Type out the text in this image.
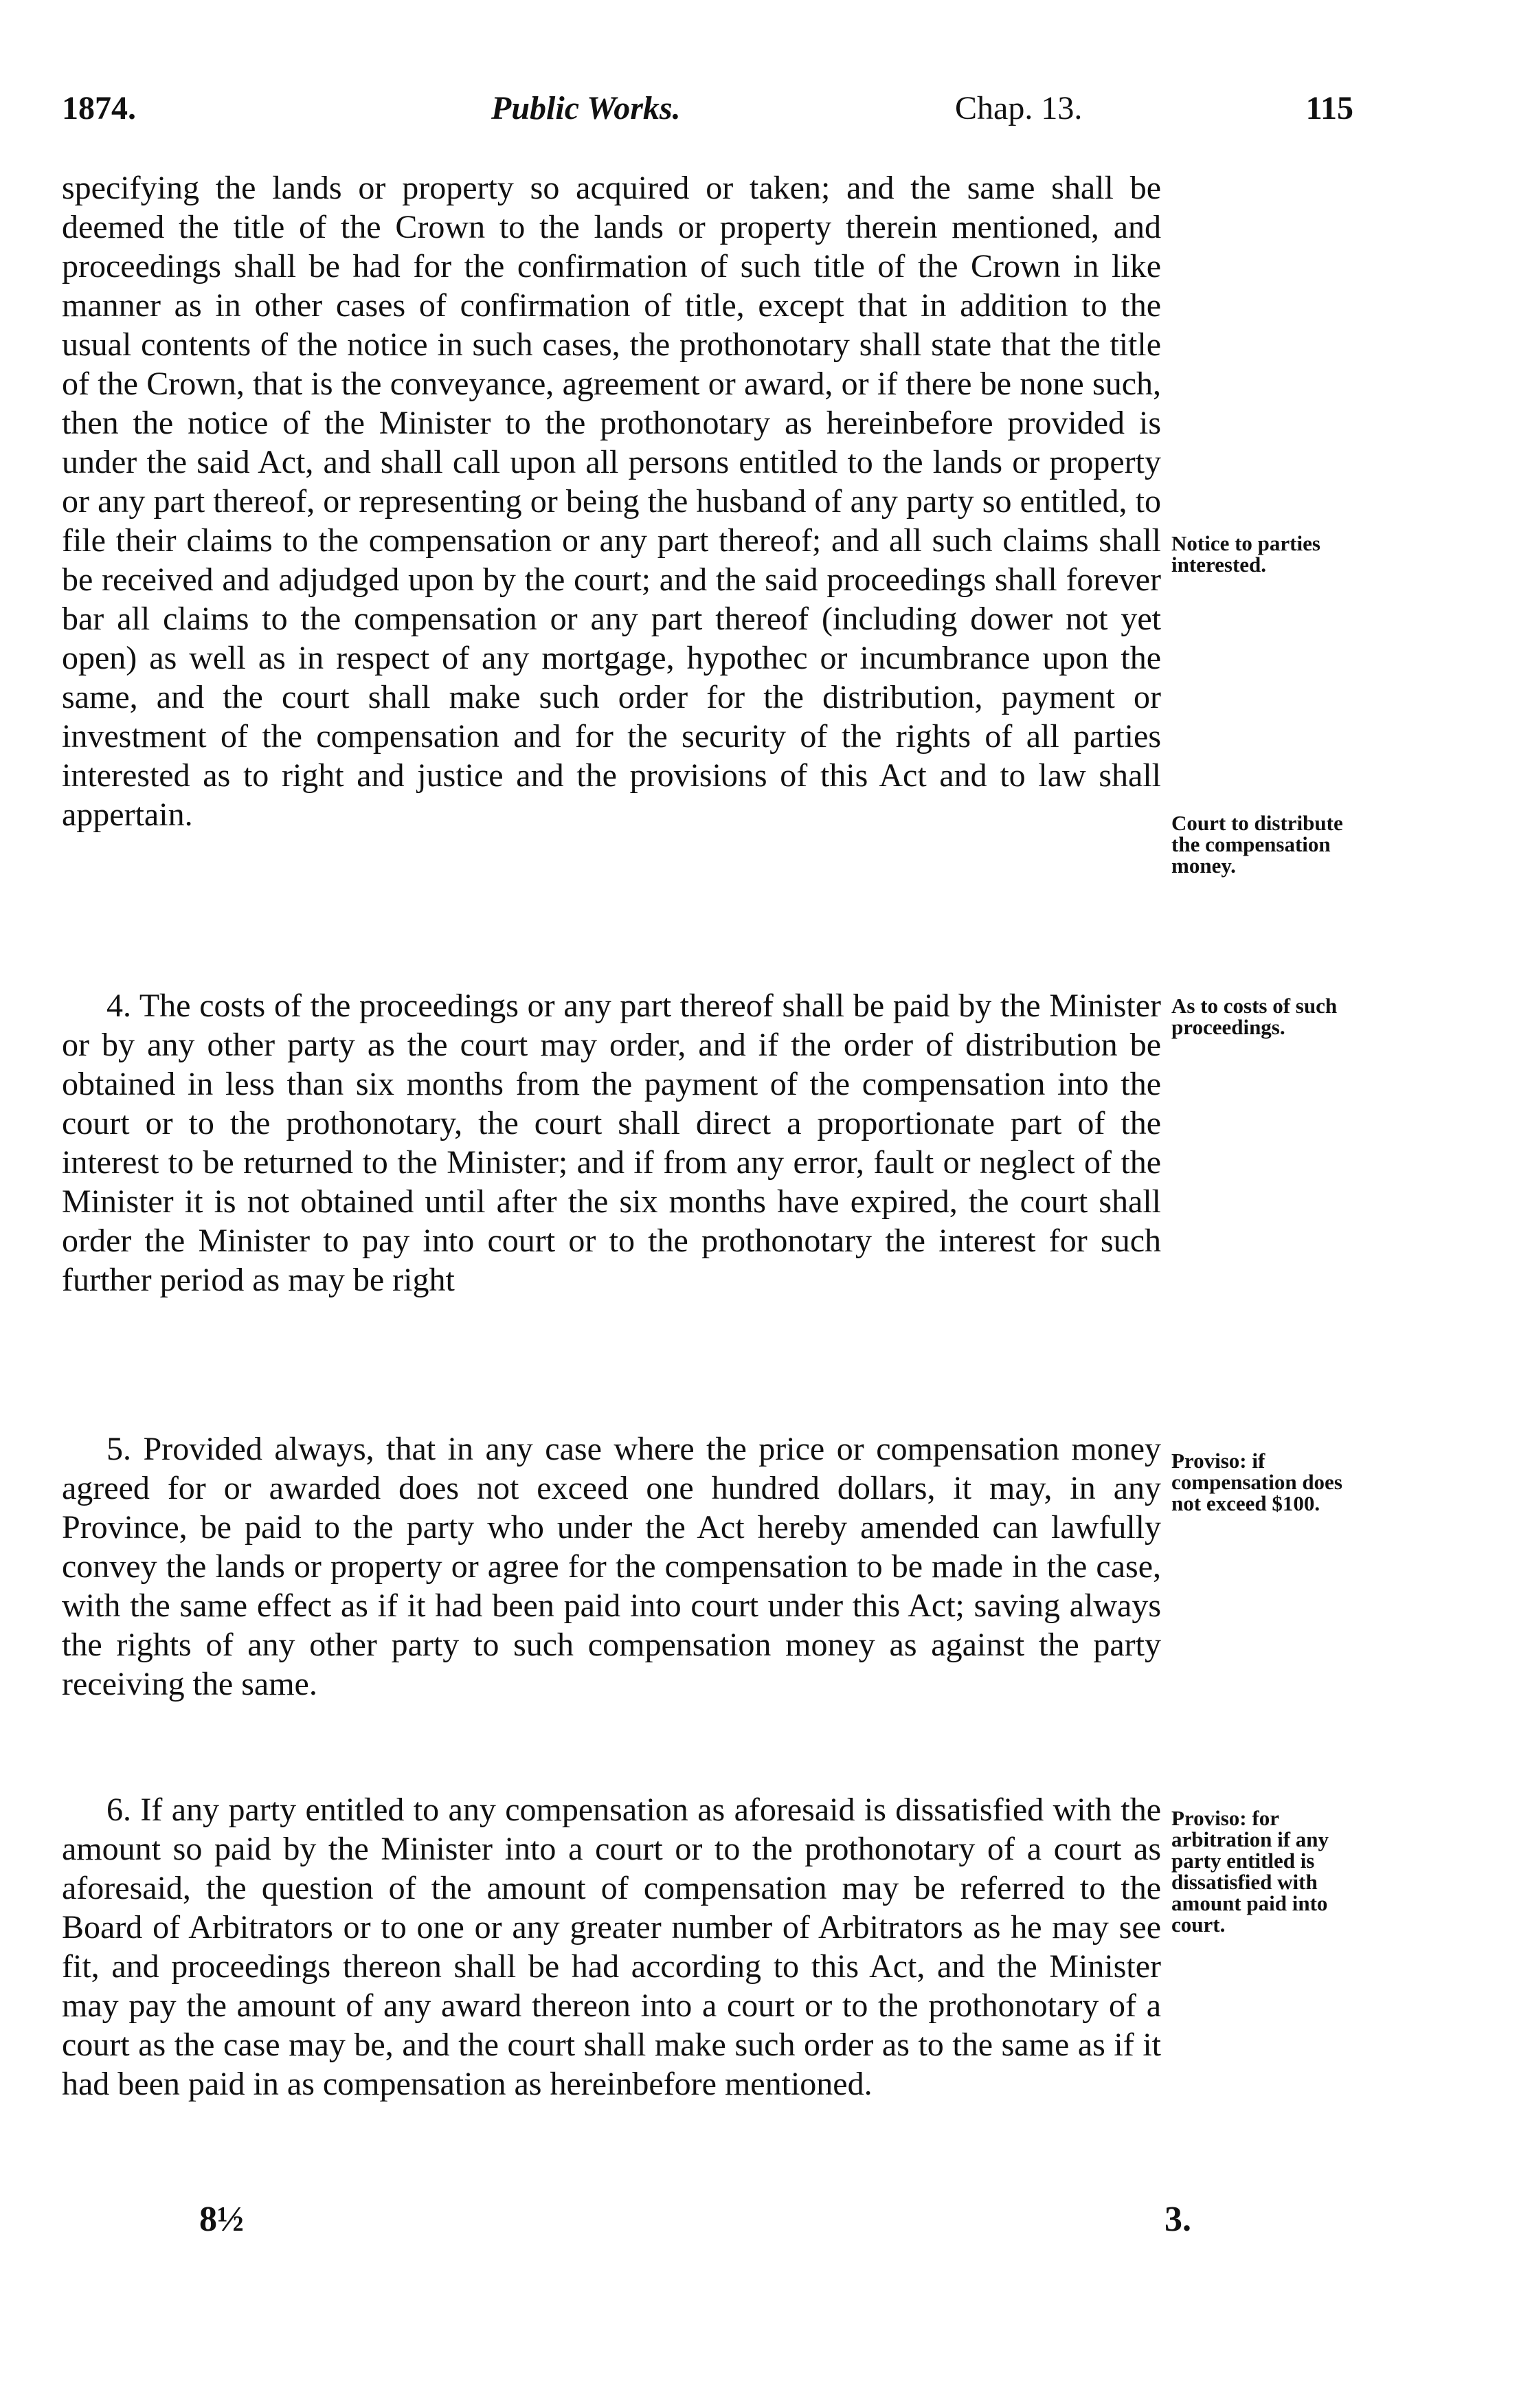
1874.	Public Works.	Chap. 13.	115

specifying the lands or property so acquired or taken; and the same shall be deemed the title of the Crown to the lands or property therein mentioned, and proceedings shall be had for the confirmation of such title of the Crown in like manner as in other cases of confirmation of title, except that in addition to the usual contents of the notice in such cases, the prothonotary shall state that the title of the Crown, that is the conveyance, agreement or award, or if there be none such, then the notice of the Minister to the prothonotary as hereinbefore provided is under the said Act, and shall call upon all persons entitled to the lands or property or any part thereof, or representing or being the husband of any party so entitled, to file their claims to the compensation or any part thereof; and all such claims shall be received and adjudged upon by the court; and the said proceedings shall forever bar all claims to the compensation or any part thereof (including dower not yet open) as well as in respect of any mortgage, hypothec or incumbrance upon the same, and the court shall make such order for the distribution, payment or investment of the compensation and for the security of the rights of all parties interested as to right and justice and the provisions of this Act and to law shall appertain.

4. The costs of the proceedings or any part thereof shall be paid by the Minister or by any other party as the court may order, and if the order of distribution be obtained in less than six months from the payment of the compensation into the court or to the prothonotary, the court shall direct a proportionate part of the interest to be returned to the Minister; and if from any error, fault or neglect of the Minister it is not obtained until after the six months have expired, the court shall order the Minister to pay into court or to the prothonotary the interest for such further period as may be right

5. Provided always, that in any case where the price or compensation money agreed for or awarded does not exceed one hundred dollars, it may, in any Province, be paid to the party who under the Act hereby amended can lawfully convey the lands or property or agree for the compensation to be made in the case, with the same effect as if it had been paid into court under this Act; saving always the rights of any other party to such compensation money as against the party receiving the same.

6. If any party entitled to any compensation as aforesaid is dissatisfied with the amount so paid by the Minister into a court or to the prothonotary of a court as aforesaid, the question of the amount of compensation may be referred to the Board of Arbitrators or to one or any greater number of Arbitrators as he may see fit, and proceedings thereon shall be had according to this Act, and the Minister may pay the amount of any award thereon into a court or to the prothonotary of a court as the case may be, and the court shall make such order as to the same as if it had been paid in as compensation as hereinbefore mentioned.

Notice to parties interested.

Court to distribute the compensation money.

As to costs of such proceedings.

Proviso: if compensation does not exceed $100.

Proviso: for arbitration if any party entitled is dissatisfied with amount paid into court.

8½	3.
